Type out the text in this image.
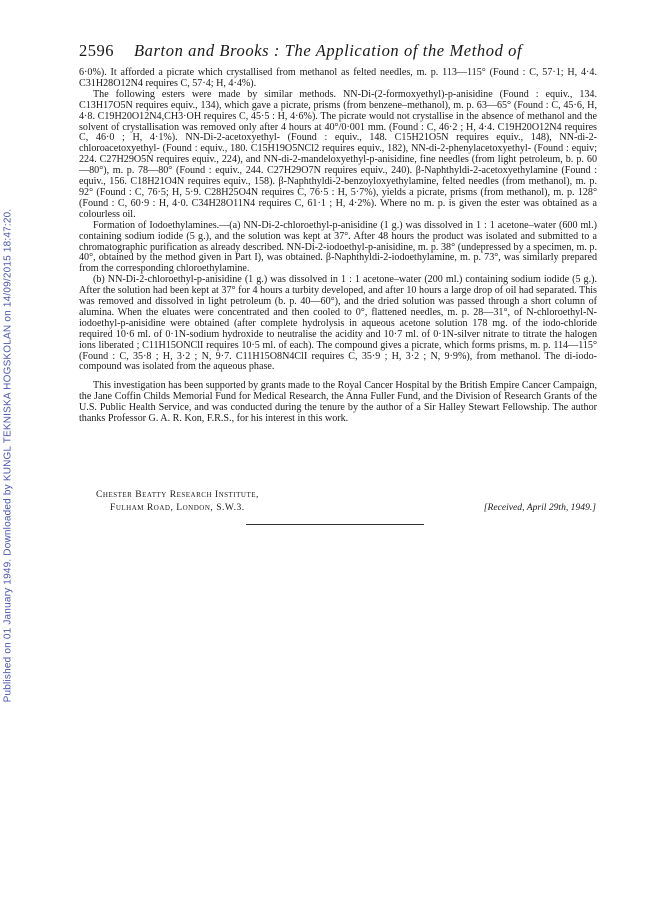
Published on 01 January 1949. Downloaded by KUNGL TEKNISKA HOGSKOLAN on 14/09/2015 18:47:20.
2596 Barton and Brooks : The Application of the Method of

6·0%). It afforded a picrate which crystallised from methanol as felted needles, m. p. 113—115° (Found : C, 57·1; H, 4·4. C31H28O12N4 requires C, 57·4; H, 4·4%).

The following esters were made by similar methods. NN-Di-(2-formoxyethyl)-p-anisidine (Found : equiv., 134. C13H17O5N requires equiv., 134), which gave a picrate, prisms (from benzene–methanol), m. p. 63—65° (Found : C, 45·6, H, 4·8. C19H20O12N4,CH3·OH requires C, 45·5 : H, 4·6%). The picrate would not crystallise in the absence of methanol and the solvent of crystallisation was removed only after 4 hours at 40°/0·001 mm. (Found : C, 46·2 ; H, 4·4. C19H20O12N4 requires C, 46·0 ; H, 4·1%). NN-Di-2-acetoxyethyl- (Found : equiv., 148. C15H21O5N requires equiv., 148), NN-di-2-chloroacetoxyethyl- (Found : equiv., 180. C15H19O5NCl2 requires equiv., 182), NN-di-2-phenylacetoxyethyl- (Found : equiv; 224. C27H29O5N requires equiv., 224), and NN-di-2-mandeloxyethyl-p-anisidine, fine needles (from light petroleum, b. p. 60—80°), m. p. 78—80° (Found : equiv., 244. C27H29O7N requires equiv., 240). β-Naphthyldi-2-acetoxyethylamine (Found : equiv., 156. C18H21O4N requires equiv., 158). β-Naphthyldi-2-benzoyloxyethylamine, felted needles (from methanol), m. p. 92° (Found : C, 76·5; H, 5·9. C28H25O4N requires C, 76·5 : H, 5·7%), yields a picrate, prisms (from methanol), m. p. 128° (Found : C, 60·9 : H, 4·0. C34H28O11N4 requires C, 61·1 ; H, 4·2%). Where no m. p. is given the ester was obtained as a colourless oil.

Formation of Iodoethylamines.—(a) NN-Di-2-chloroethyl-p-anisidine (1 g.) was dissolved in 1 : 1 acetone–water (600 ml.) containing sodium iodide (5 g.), and the solution was kept at 37°. After 48 hours the product was isolated and submitted to a chromatographic purification as already described. NN-Di-2-iodoethyl-p-anisidine, m. p. 38° (undepressed by a specimen, m. p. 40°, obtained by the method given in Part I), was obtained. β-Naphthyldi-2-iodoethylamine, m. p. 73°, was similarly prepared from the corresponding chloroethylamine.

(b) NN-Di-2-chloroethyl-p-anisidine (1 g.) was dissolved in 1 : 1 acetone–water (200 ml.) containing sodium iodide (5 g.). After the solution had been kept at 37° for 4 hours a turbity developed, and after 10 hours a large drop of oil had separated. This was removed and dissolved in light petroleum (b. p. 40—60°), and the dried solution was passed through a short column of alumina. When the eluates were concentrated and then cooled to 0°, flattened needles, m. p. 28—31°, of N-chloroethyl-N-iodoethyl-p-anisidine were obtained (after complete hydrolysis in aqueous acetone solution 178 mg. of the iodo-chloride required 10·6 ml. of 0·1N-sodium hydroxide to neutralise the acidity and 10·7 ml. of 0·1N-silver nitrate to titrate the halogen ions liberated ; C11H15ONClI requires 10·5 ml. of each). The compound gives a picrate, which forms prisms, m. p. 114—115° (Found : C, 35·8 ; H, 3·2 ; N, 9·7. C11H15O8N4ClI requires C, 35·9 ; H, 3·2 ; N, 9·9%), from methanol. The di-iodo-compound was isolated from the aqueous phase.

This investigation has been supported by grants made to the Royal Cancer Hospital by the British Empire Cancer Campaign, the Jane Coffin Childs Memorial Fund for Medical Research, the Anna Fuller Fund, and the Division of Research Grants of the U.S. Public Health Service, and was conducted during the tenure by the author of a Sir Halley Stewart Fellowship. The author thanks Professor G. A. R. Kon, F.R.S., for his interest in this work.

Chester Beatty Research Institute,
Fulham Road, London, S.W.3.	[Received, April 29th, 1949.]
